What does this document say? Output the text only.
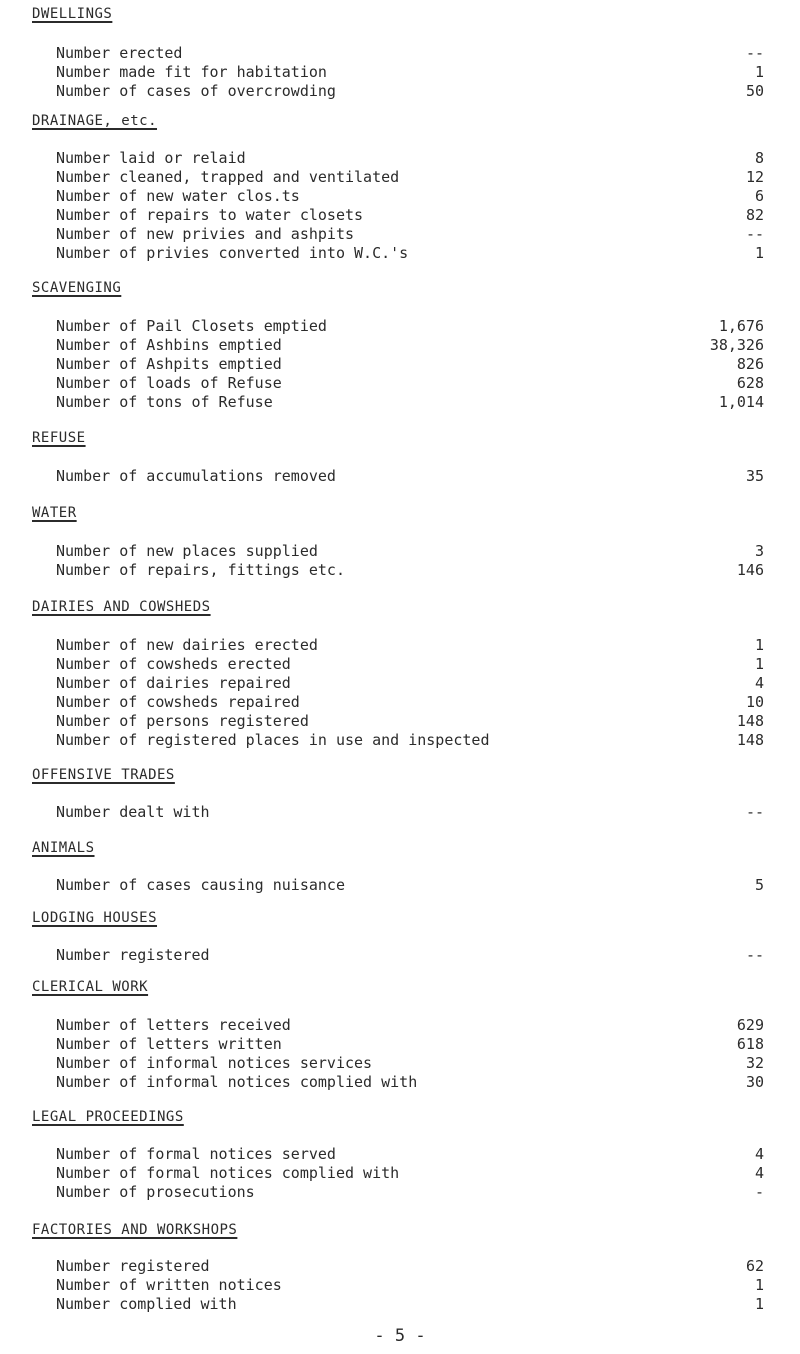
DWELLINGS
Number erected	--
Number made fit for habitation	1
Number of cases of overcrowding	50
DRAINAGE, etc.
Number laid or relaid	8
Number cleaned, trapped and ventilated	12
Number of new water clos.ts	6
Number of repairs to water closets	82
Number of new privies and ashpits	--
Number of privies converted into W.C.'s	1
SCAVENGING
Number of Pail Closets emptied	1,676
Number of Ashbins emptied	38,326
Number of Ashpits emptied	826
Number of loads of Refuse	628
Number of tons of Refuse	1,014
REFUSE
Number of accumulations removed	35
WATER
Number of new places supplied	3
Number of repairs, fittings etc.	146
DAIRIES AND COWSHEDS
Number of new dairies erected	1
Number of cowsheds erected	1
Number of dairies repaired	4
Number of cowsheds repaired	10
Number of persons registered	148
Number of registered places in use and inspected	148
OFFENSIVE TRADES
Number dealt with	--
ANIMALS
Number of cases causing nuisance	5
LODGING HOUSES
Number registered	--
CLERICAL WORK
Number of letters received	629
Number of letters written	618
Number of informal notices services	32
Number of informal notices complied with	30
LEGAL PROCEEDINGS
Number of formal notices served	4
Number of formal notices complied with	4
Number of prosecutions	-
FACTORIES AND WORKSHOPS
Number registered	62
Number of written notices	1
Number complied with	1
- 5 -
